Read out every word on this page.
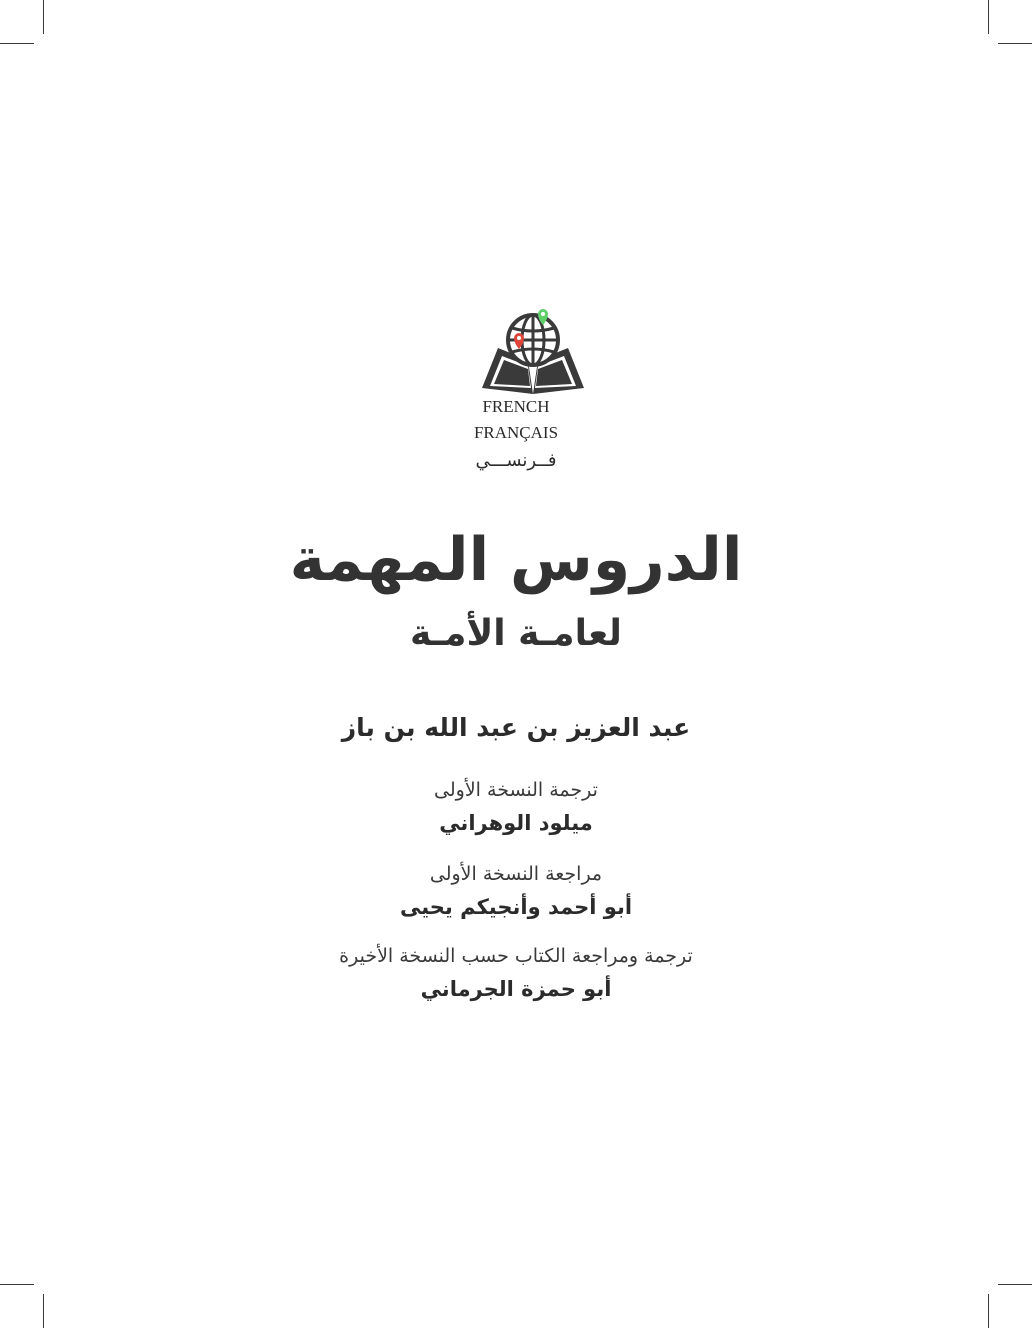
FRENCH
FRANÇAIS
فــرنســـي
الدروس المهمة
لعامـة الأمـة
عبد العزيز بن عبد الله بن باز
ترجمة النسخة الأولى
ميلود الوهراني
مراجعة النسخة الأولى
أبو أحمد وأنجيكم يحيى
ترجمة ومراجعة الكتاب حسب النسخة الأخيرة
أبو حمزة الجرماني
